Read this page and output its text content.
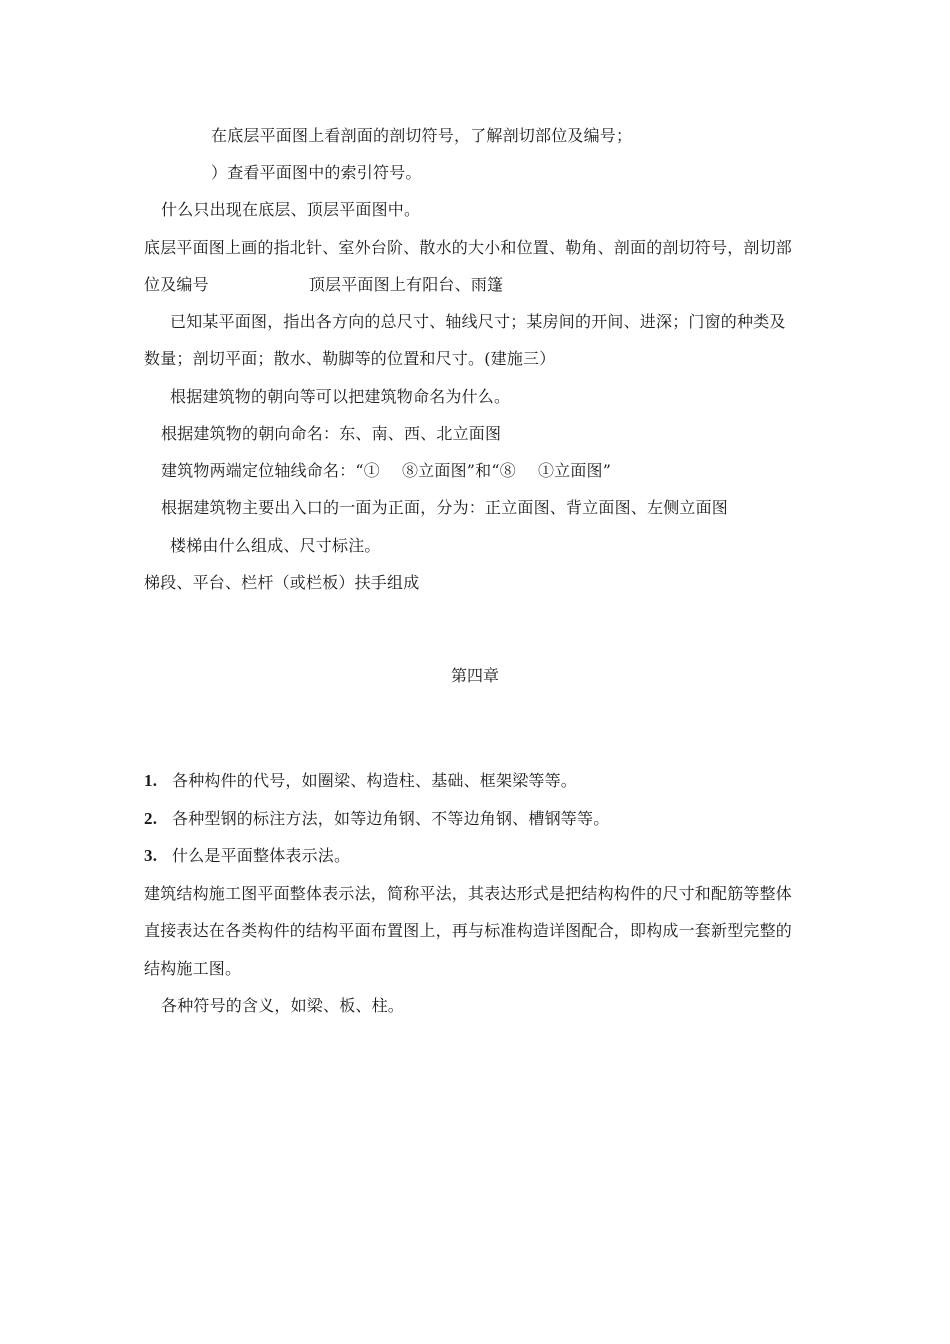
在底层平面图上看剖面的剖切符号，了解剖切部位及编号；
）查看平面图中的索引符号。
什么只出现在底层、顶层平面图中。
底层平面图上画的指北针、室外台阶、散水的大小和位置、勒角、剖面的剖切符号，剖切部
位及编号	顶层平面图上有阳台、雨篷
已知某平面图，指出各方向的总尺寸、轴线尺寸；某房间的开间、进深；门窗的种类及
数量；剖切平面；散水、勒脚等的位置和尺寸。(建施三）
根据建筑物的朝向等可以把建筑物命名为什么。
根据建筑物的朝向命名：东、南、西、北立面图
建筑物两端定位轴线命名：“① ⑧立面图”和“⑧ ①立面图”
根据建筑物主要出入口的一面为正面，分为：正立面图、背立面图、左侧立面图
楼梯由什么组成、尺寸标注。
梯段、平台、栏杆（或栏板）扶手组成
第四章
1. 各种构件的代号，如圈梁、构造柱、基础、框架梁等等。
2. 各种型钢的标注方法，如等边角钢、不等边角钢、槽钢等等。
3. 什么是平面整体表示法。
建筑结构施工图平面整体表示法，简称平法，其表达形式是把结构构件的尺寸和配筋等整体
直接表达在各类构件的结构平面布置图上，再与标准构造详图配合，即构成一套新型完整的
结构施工图。
各种符号的含义，如梁、板、柱。
